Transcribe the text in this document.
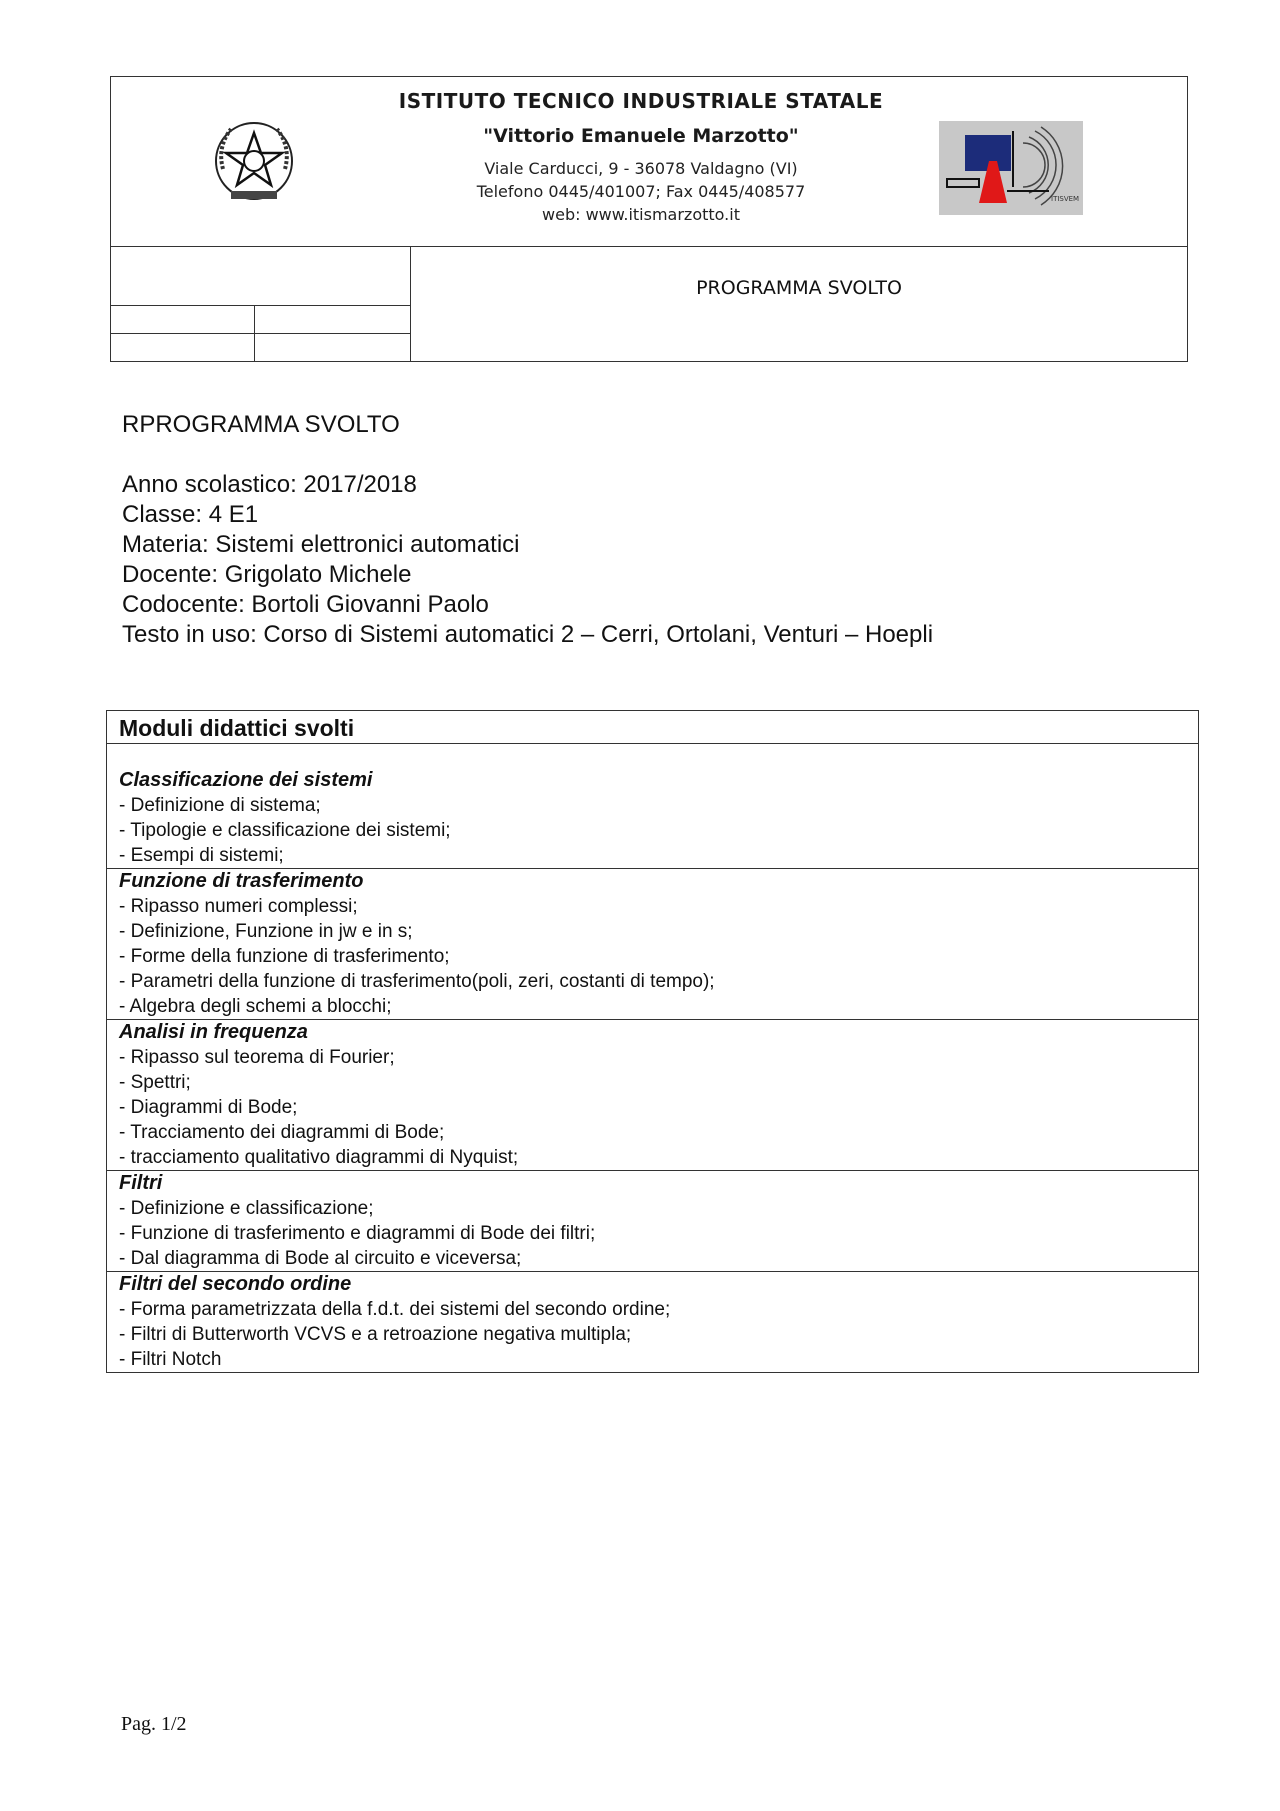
ISTITUTO TECNICO INDUSTRIALE STATALE

"Vittorio Emanuele Marzotto"

Viale Carducci, 9 - 36078 Valdagno (VI)

Telefono 0445/401007; Fax 0445/408577

web: www.itismarzotto.it

ITISVEM
PROGRAMMA SVOLTO

RPROGRAMMA SVOLTO

Anno scolastico: 2017/2018

Classe: 4 E1

Materia: Sistemi elettronici automatici

Docente: Grigolato Michele

Codocente: Bortoli Giovanni Paolo

Testo in uso: Corso di Sistemi automatici 2 – Cerri, Ortolani, Venturi – Hoepli

Moduli didattici svolti

Classificazione dei sistemi

- Definizione di sistema;
- Tipologie e classificazione dei sistemi;
- Esempi di sistemi;

Funzione di trasferimento

- Ripasso numeri complessi;
- Definizione, Funzione in jw e in s;
- Forme della funzione di trasferimento;
- Parametri della funzione di trasferimento(poli, zeri, costanti di tempo);
- Algebra degli schemi a blocchi;

Analisi in frequenza

- Ripasso sul teorema di Fourier;
- Spettri;
- Diagrammi di Bode;
- Tracciamento dei diagrammi di Bode;
- tracciamento qualitativo diagrammi di Nyquist;

Filtri

- Definizione e classificazione;
- Funzione di trasferimento e diagrammi di Bode dei filtri;
- Dal diagramma di Bode al circuito e viceversa;

Filtri del secondo ordine

- Forma parametrizzata della f.d.t. dei sistemi del secondo ordine;
- Filtri di Butterworth VCVS e a retroazione negativa multipla;
- Filtri Notch
Pag. 1/2
